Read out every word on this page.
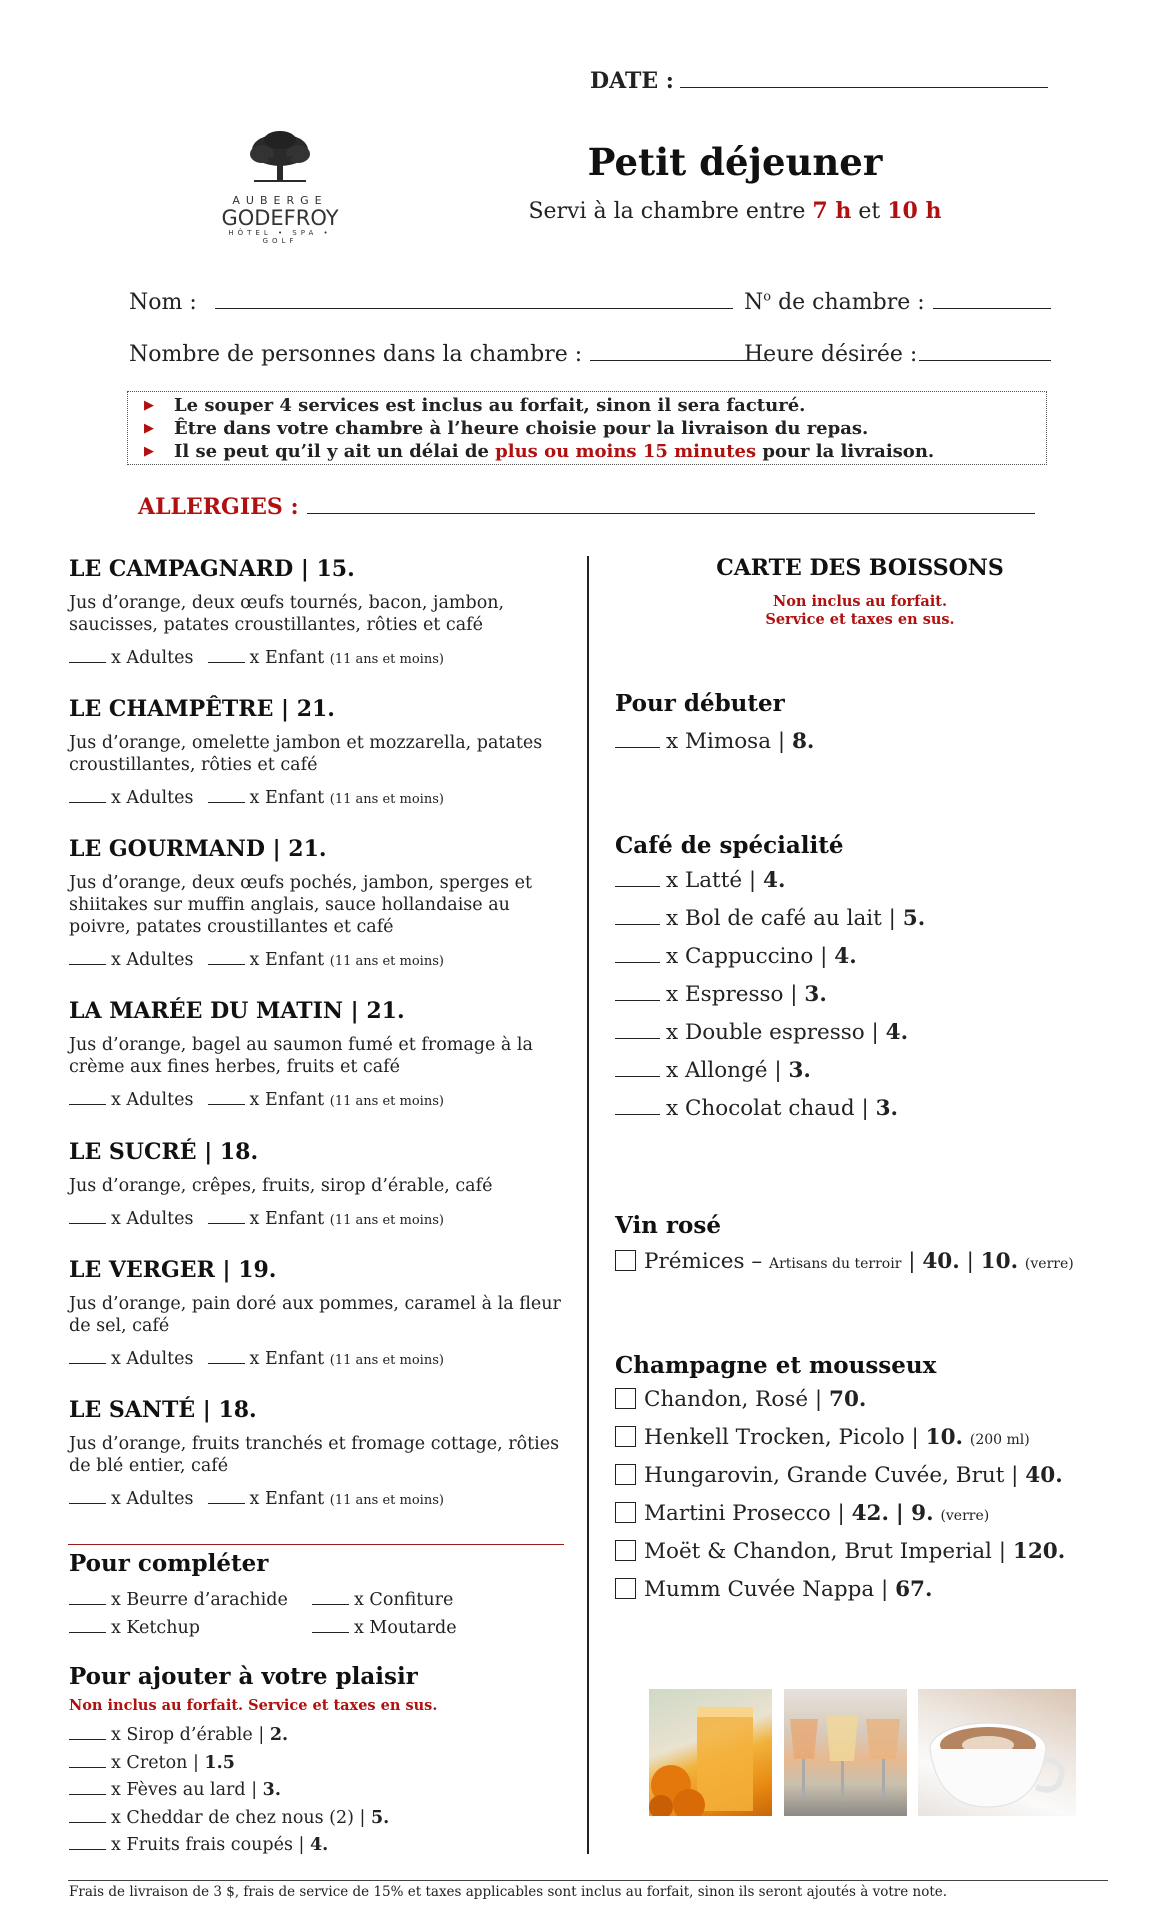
DATE :
AUBERGE
GODEFROY
HÔTEL • SPA • GOLF
Petit déjeuner
Servi à la chambre entre 7 h et 10 h
Nom :	$N^o$ de chambre :
Nombre de personnes dans la chambre :	Heure désirée :
▶ Le souper 4 services est inclus au forfait, sinon il sera facturé.
▶ Être dans votre chambre à l’heure choisie pour la livraison du repas.
▶ Il se peut qu’il y ait un délai de plus ou moins 15 minutes pour la livraison.
ALLERGIES :
LE CAMPAGNARD | 15.
Jus d’orange, deux œufs tournés, bacon, jambon, saucisses, patates croustillantes, rôties et café
x Adultes	x Enfant (11 ans et moins)
LE CHAMPÊTRE | 21.
Jus d’orange, omelette jambon et mozzarella, patates croustillantes, rôties et café
x Adultes	x Enfant (11 ans et moins)
LE GOURMAND | 21.
Jus d’orange, deux œufs pochés, jambon, sperges et shiitakes sur muffin anglais, sauce hollandaise au poivre, patates croustillantes et café
x Adultes	x Enfant (11 ans et moins)
LA MARÉE DU MATIN | 21.
Jus d’orange, bagel au saumon fumé et fromage à la crème aux fines herbes, fruits et café
x Adultes	x Enfant (11 ans et moins)
LE SUCRÉ | 18.
Jus d’orange, crêpes, fruits, sirop d’érable, café
x Adultes	x Enfant (11 ans et moins)
LE VERGER | 19.
Jus d’orange, pain doré aux pommes, caramel à la fleur de sel, café
x Adultes	x Enfant (11 ans et moins)
LE SANTÉ | 18.
Jus d’orange, fruits tranchés et fromage cottage, rôties de blé entier, café
x Adultes	x Enfant (11 ans et moins)
Pour compléter
x Beurre d’arachide	x Confiture
x Ketchup	x Moutarde
Pour ajouter à votre plaisir
Non inclus au forfait. Service et taxes en sus.
x Sirop d’érable | 2.
x Creton | 1.5
x Fèves au lard | 3.
x Cheddar de chez nous (2) | 5.
x Fruits frais coupés | 4.
CARTE DES BOISSONS
Non inclus au forfait.
Service et taxes en sus.
Pour débuter
x Mimosa | 8.
Café de spécialité
x Latté | 4.
x Bol de café au lait | 5.
x Cappuccino | 4.
x Espresso | 3.
x Double espresso | 4.
x Allongé | 3.
x Chocolat chaud | 3.
Vin rosé
Prémices – Artisans du terroir | 40. | 10. (verre)
Champagne et mousseux
Chandon, Rosé | 70.
Henkell Trocken, Picolo | 10. (200 ml)
Hungarovin, Grande Cuvée, Brut | 40.
Martini Prosecco | 42. | 9. (verre)
Moët & Chandon, Brut Imperial | 120.
Mumm Cuvée Nappa | 67.
Frais de livraison de 3 $, frais de service de 15% et taxes applicables sont inclus au forfait, sinon ils seront ajoutés à votre note.
